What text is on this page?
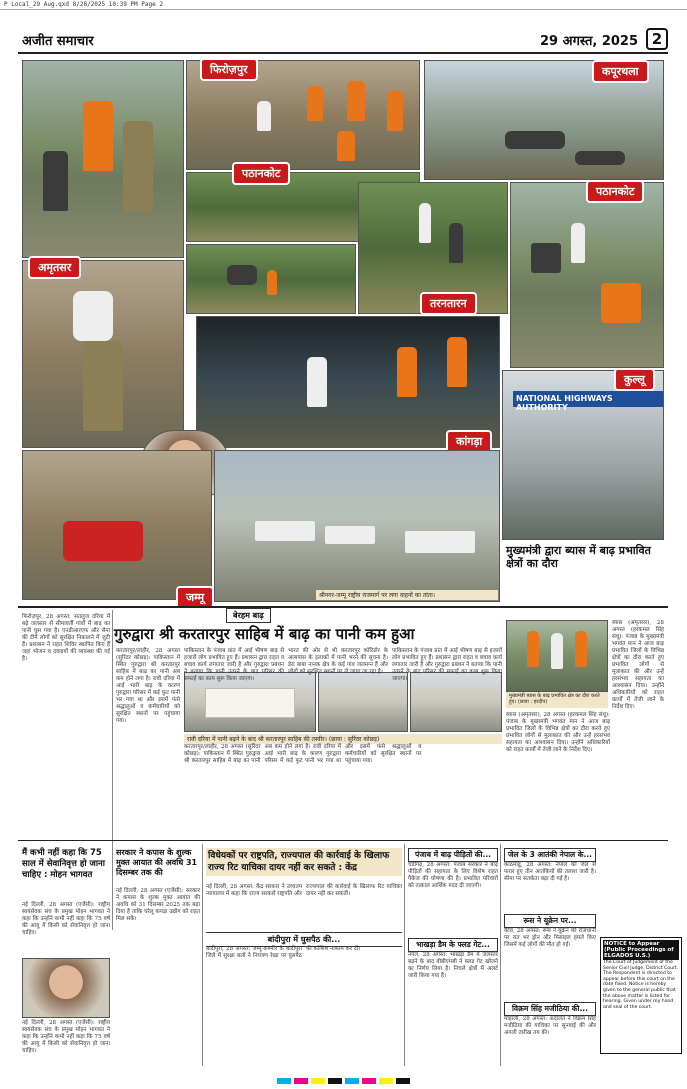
P Local_29 Aug.qxd 8/28/2025 10:39 PM Page 2
अजीत समाचार	29 अगस्त, 2025 2
फिरोज़पुर	कपूरथला
पठानकोट
तरनतारन
पठानकोट
अमृतसर
कांगड़ा
NATIONAL HIGHWAYS AUTHORITY
कुल्लू
जम्मू	श्रीनगर-जम्मू राष्ट्रीय राजमार्ग पर लगा वाहनों का तांता।
मुख्यमंत्री द्वारा ब्यास में बाढ़ प्रभावित क्षेत्रों का दौरा
मुख्यमंत्री ब्यास के बाढ़ प्रभावित क्षेत्र का दौरा करते हुए। (छाया : हरदीप)
ब्यास (अमृतसर), 28 अगस्त (हरकमल सिंह संधू): पंजाब के मुख्यमंत्री भगवंत मान ने आज बाढ़ प्रभावित जिलों के विभिन्न क्षेत्रों का दौरा करते हुए प्रभावित लोगों से मुलाकात की और उन्हें हरसंभव सहायता का आश्वासन दिया। उन्होंने अधिकारियों को राहत कार्यों में तेजी लाने के निर्देश दिए।
ब्यास (अमृतसर), 28 अगस्त (हरकमल सिंह संधू): पंजाब के मुख्यमंत्री भगवंत मान ने आज बाढ़ प्रभावित जिलों के विभिन्न क्षेत्रों का दौरा करते हुए प्रभावित लोगों से मुलाकात की और उन्हें हरसंभव सहायता का आश्वासन दिया। उन्होंने अधिकारियों को राहत कार्यों में तेजी लाने के निर्देश दिए।
बेरहम बाढ़
गुरुद्वारा श्री करतारपुर साहिब में बाढ़ का पानी कम हुआ
फिरोज़पुर, 28 अगस्त: सतलुज दरिया में बढ़े जलस्तर से सीमावर्ती गांवों में बाढ़ का पानी घुस गया है। एनडीआरएफ और सेना की टीमें लोगों को सुरक्षित निकालने में जुटी हैं। प्रशासन ने राहत शिविर स्थापित किए हैं जहां भोजन व दवाइयों की व्यवस्था की गई है।
करतारपुर/लाहौर, 28 अगस्त (सुरिंदर कोछड़): पाकिस्तान में स्थित गुरुद्वारा श्री करतारपुर साहिब में बाढ़ का पानी अब कम होने लगा है। रावी दरिया में आई भारी बाढ़ के कारण गुरुद्वारा परिसर में कई फुट पानी भर गया था और इसमें फंसे श्रद्धालुओं व कर्मचारियों को सुरक्षित स्थानों पर पहुंचाया गया।
रावी दरिया में पानी बढ़ने के बाद श्री करतारपुर साहिब की तस्वीर। (छाया : सुरिंदर कोछड़)
पाकिस्तान के पंजाब प्रांत में आई भीषण बाढ़ से हजारों लोग प्रभावित हुए हैं। प्रशासन द्वारा राहत व बचाव कार्य लगातार जारी है और गुरुद्वारा प्रबंधन ने बताया कि पानी उतरने के बाद परिसर की सफाई का काम शुरू किया जाएगा।
भारत की ओर से भी करतारपुर कॉरिडोर के आसपास के इलाकों में पानी भरने की सूचना है। डेरा बाबा नानक क्षेत्र के कई गांव जलमग्न हैं और लोगों को सुरक्षित स्थानों पर ले जाया जा रहा है।
पाकिस्तान के पंजाब प्रांत में आई भीषण बाढ़ से हजारों लोग प्रभावित हुए हैं। प्रशासन द्वारा राहत व बचाव कार्य लगातार जारी है और गुरुद्वारा प्रबंधन ने बताया कि पानी उतरने के बाद परिसर की सफाई का काम शुरू किया जाएगा।
करतारपुर/लाहौर, 28 अगस्त (सुरिंदर कोछड़): पाकिस्तान में स्थित गुरुद्वारा श्री करतारपुर साहिब में बाढ़ का पानी अब कम होने लगा है। रावी दरिया में आई भारी बाढ़ के कारण गुरुद्वारा परिसर में कई फुट पानी भर गया था और इसमें फंसे श्रद्धालुओं व कर्मचारियों को सुरक्षित स्थानों पर पहुंचाया गया।
मैं कभी नहीं कहा कि 75 साल में सेवानिवृत्त हो जाना चाहिए : मोहन भागवत
नई दिल्ली, 28 अगस्त (एजेंसी): राष्ट्रीय स्वयंसेवक संघ के प्रमुख मोहन भागवत ने कहा कि उन्होंने कभी नहीं कहा कि 75 वर्ष की आयु में किसी को सेवानिवृत्त हो जाना चाहिए।
नई दिल्ली, 28 अगस्त (एजेंसी): राष्ट्रीय स्वयंसेवक संघ के प्रमुख मोहन भागवत ने कहा कि उन्होंने कभी नहीं कहा कि 75 वर्ष की आयु में किसी को सेवानिवृत्त हो जाना चाहिए।
सरकार ने कपास के शुल्क मुक्त आयात की अवधि 31 दिसम्बर तक की
नई दिल्ली, 28 अगस्त (एजेंसी): सरकार ने कपास के शुल्क मुक्त आयात की अवधि को 31 दिसम्बर 2025 तक बढ़ा दिया है ताकि घरेलू कपड़ा उद्योग को राहत मिल सके।
विधेयकों पर राष्ट्रपति, राज्यपाल की कार्रवाई के खिलाफ राज्य रिट याचिका दायर नहीं कर सकते : केंद्र
नई दिल्ली, 28 अगस्त: केंद्र सरकार ने उच्चतम न्यायालय में कहा कि राज्य सरकारें राष्ट्रपति और राज्यपाल की कार्रवाई के खिलाफ रिट याचिका दायर नहीं कर सकतीं।
बांदीपुरा में घुसपैठ की...
बांदीपुरा, 28 अगस्त: जम्मू-कश्मीर के बांदीपुरा जिले में सुरक्षा बलों ने नियंत्रण रेखा पर घुसपैठ की कोशिश नाकाम कर दी।
पंजाब में बाढ़ पीड़ितों की...
चंडीगढ़, 28 अगस्त: पंजाब सरकार ने बाढ़ पीड़ितों की सहायता के लिए विशेष राहत पैकेज की घोषणा की है। प्रभावित परिवारों को तत्काल आर्थिक मदद दी जाएगी।
भाखड़ा डैम के फ्लड गेट...
नंगल, 28 अगस्त: भाखड़ा डैम में जलस्तर बढ़ने के बाद बीबीएमबी ने फ्लड गेट खोलने का निर्णय लिया है। निचले क्षेत्रों में अलर्ट जारी किया गया है।
जेल के 3 आतंकी नेपाल के...
काठमांडू, 28 अगस्त: नेपाल की जेल से फरार हुए तीन आतंकियों की तलाश जारी है। सीमा पर सतर्कता बढ़ा दी गई है।
रूस ने यूक्रेन पर...
कीव, 28 अगस्त: रूस ने यूक्रेन की राजधानी पर रात भर ड्रोन और मिसाइल हमले किए जिसमें कई लोगों की मौत हो गई।
विक्रम सिंह मजीठिया की...
मोहाली, 28 अगस्त: अदालत ने विक्रम सिंह मजीठिया की याचिका पर सुनवाई की और अगली तारीख तय की।
NOTICE to Appear (Public Proceedings of ELGADOS U.S.)
The Court of Judgement of the Senior Civil Judge, District Court. The Respondent is directed to appear before this court on the date fixed. Notice is hereby given to the general public that the above matter is listed for hearing. Given under my hand and seal of the court.
